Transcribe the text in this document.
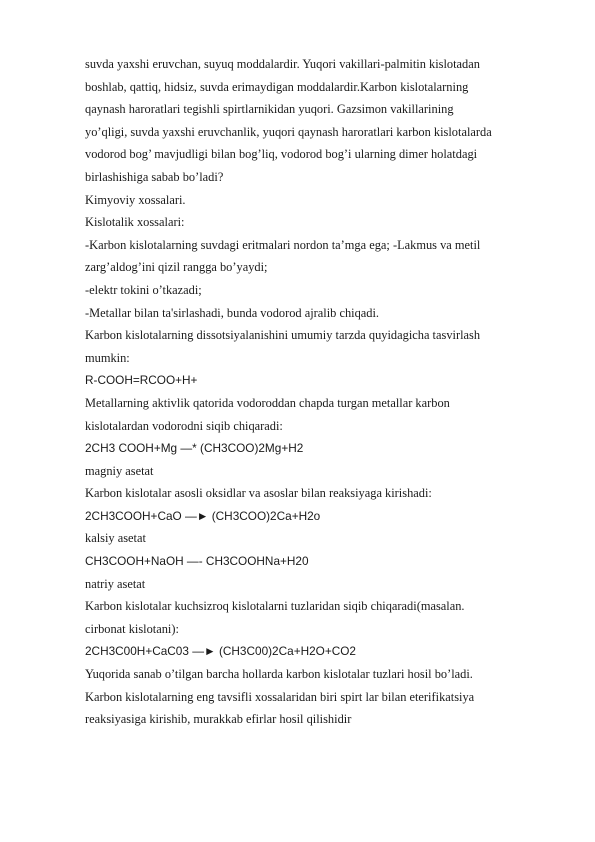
suvda yaxshi eruvchan, suyuq moddalardir. Yuqori vakillari-palmitin kislotadan
boshlab, qattiq, hidsiz, suvda erimaydigan moddalardir.Karbon kislotalarning
qaynash haroratlari tegishli spirtlarnikidan yuqori. Gazsimon vakillarining
yo’qligi, suvda yaxshi eruvchanlik, yuqori qaynash haroratlari karbon kislotalarda
vodorod bog’ mavjudligi bilan bog’liq, vodorod bog’i ularning dimer holatdagi
birlashishiga sabab bo’ladi?
Kimyoviy xossalari.
Kislotalik xossalari:
-Karbon kislotalarning suvdagi eritmalari nordon ta’mga ega; -Lakmus va metil
zarg’aldog’ini qizil rangga bo’yaydi;
-elektr tokini o’tkazadi;
-Metallar bilan ta'sirlashadi, bunda vodorod ajralib chiqadi.
Karbon kislotalarning dissotsiyalanishini umumiy tarzda quyidagicha tasvirlash
mumkin:
R-COOH=RCOO+H+
Metallarning aktivlik qatorida vodoroddan chapda turgan metallar karbon
kislotalardan vodorodni siqib chiqaradi:
2CH3 COOH+Mg —* (CH3COO)2Mg+H2
magniy asetat
Karbon kislotalar asosli oksidlar va asoslar bilan reaksiyaga kirishadi:
2CH3COOH+CaO —► (CH3COO)2Ca+H2o
kalsiy asetat
CH3COOH+NaOH —- CH3COOHNa+H20
natriy asetat
Karbon kislotalar kuchsizroq kislotalarni tuzlaridan siqib chiqaradi(masalan.
cirbonat kislotani):
2CH3C00H+CaC03 —► (CH3C00)2Ca+H2O+CO2
Yuqorida sanab o’tilgan barcha hollarda karbon kislotalar tuzlari hosil bo’ladi.
Karbon kislotalarning eng tavsifli xossalaridan biri spirt lar bilan eterifikatsiya
reaksiyasiga kirishib, murakkab efirlar hosil qilishidir
